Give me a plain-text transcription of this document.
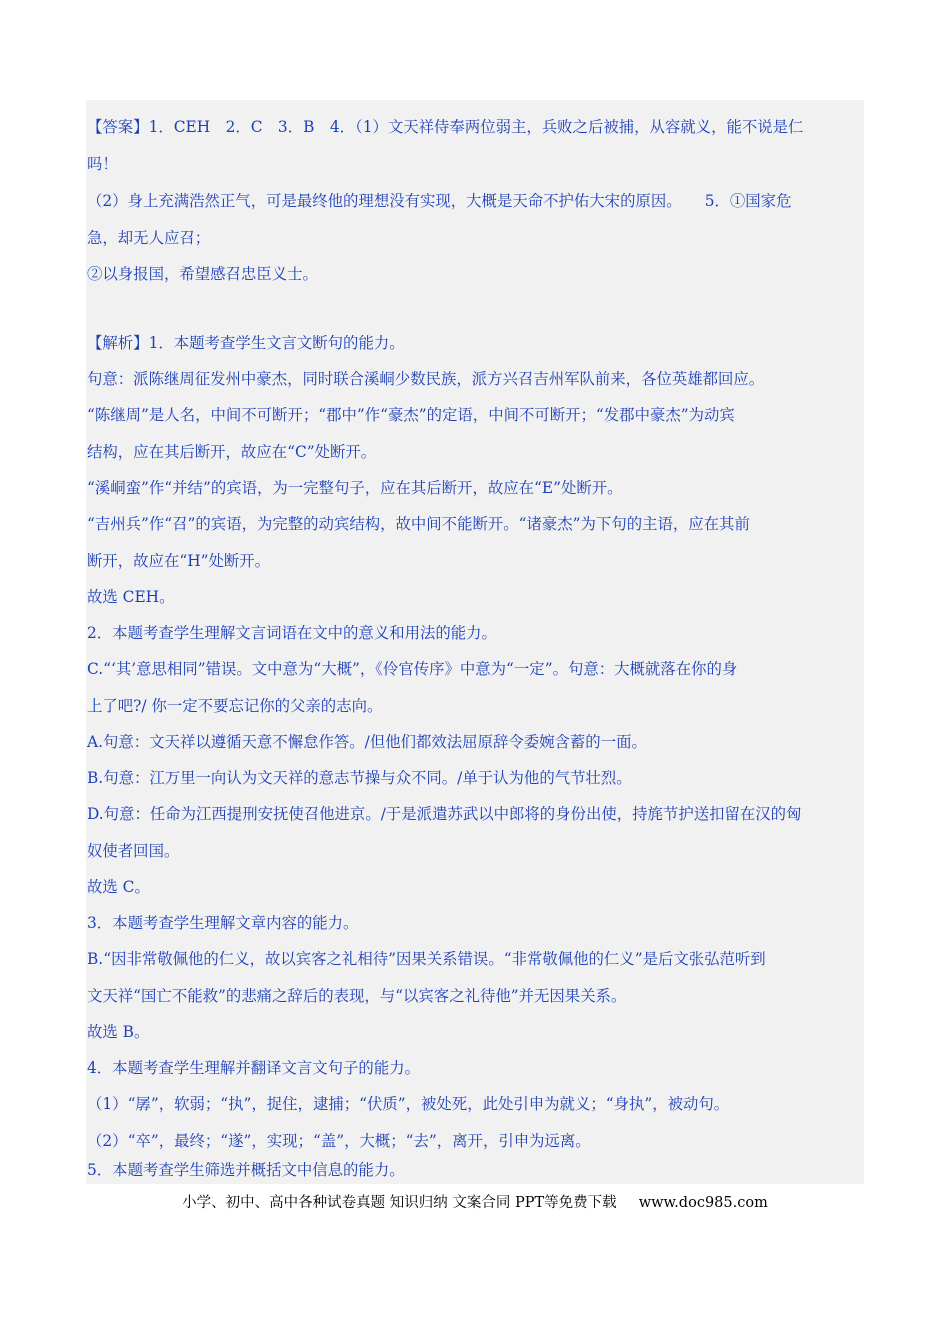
【答案】1．CEH　2．C　3．B　4．（1）文天祥侍奉两位弱主，兵败之后被捕，从容就义，能不说是仁
吗！
（2）身上充满浩然正气，可是最终他的理想没有实现，大概是天命不护佑大宋的原因。　　5．①国家危
急，却无人应召；
②以身报国，希望感召忠臣义士。
【解析】1．本题考查学生文言文断句的能力。
句意：派陈继周征发州中豪杰，同时联合溪峒少数民族，派方兴召吉州军队前来，各位英雄都回应。
“陈继周”是人名，中间不可断开；“郡中”作“豪杰”的定语，中间不可断开；“发郡中豪杰”为动宾
结构，应在其后断开，故应在“C”处断开。
“溪峒蛮”作“并结”的宾语，为一完整句子，应在其后断开，故应在“E”处断开。
“吉州兵”作“召”的宾语，为完整的动宾结构，故中间不能断开。“诸豪杰”为下句的主语，应在其前
断开，故应在“H”处断开。
故选 CEH。
2．本题考查学生理解文言词语在文中的意义和用法的能力。
C.“‘其’意思相同”错误。文中意为“大概”，《伶官传序》中意为“一定”。句意：大概就落在你的身
上了吧?/ 你一定不要忘记你的父亲的志向。
A.句意：文天祥以遵循天意不懈怠作答。/但他们都效法屈原辞令委婉含蓄的一面。
B.句意：江万里一向认为文天祥的意志节操与众不同。/单于认为他的气节壮烈。
D.句意：任命为江西提刑安抚使召他进京。/于是派遣苏武以中郎将的身份出使，持旄节护送扣留在汉的匈
奴使者回国。
故选 C。
3．本题考查学生理解文章内容的能力。
B.“因非常敬佩他的仁义，故以宾客之礼相待”因果关系错误。“非常敬佩他的仁义”是后文张弘范听到
文天祥“国亡不能救”的悲痛之辞后的表现，与“以宾客之礼待他”并无因果关系。
故选 B。
4．本题考查学生理解并翻译文言文句子的能力。
（1）“孱”，软弱；“执”，捉住，逮捕；“伏质”，被处死，此处引申为就义；“身执”，被动句。
（2）“卒”，最终；“遂”，实现；“盖”，大概；“去”，离开，引申为远离。
5．本题考查学生筛选并概括文中信息的能力。
小学、初中、高中各种试卷真题 知识归纳 文案合同 PPT等免费下载 www.doc985.com
